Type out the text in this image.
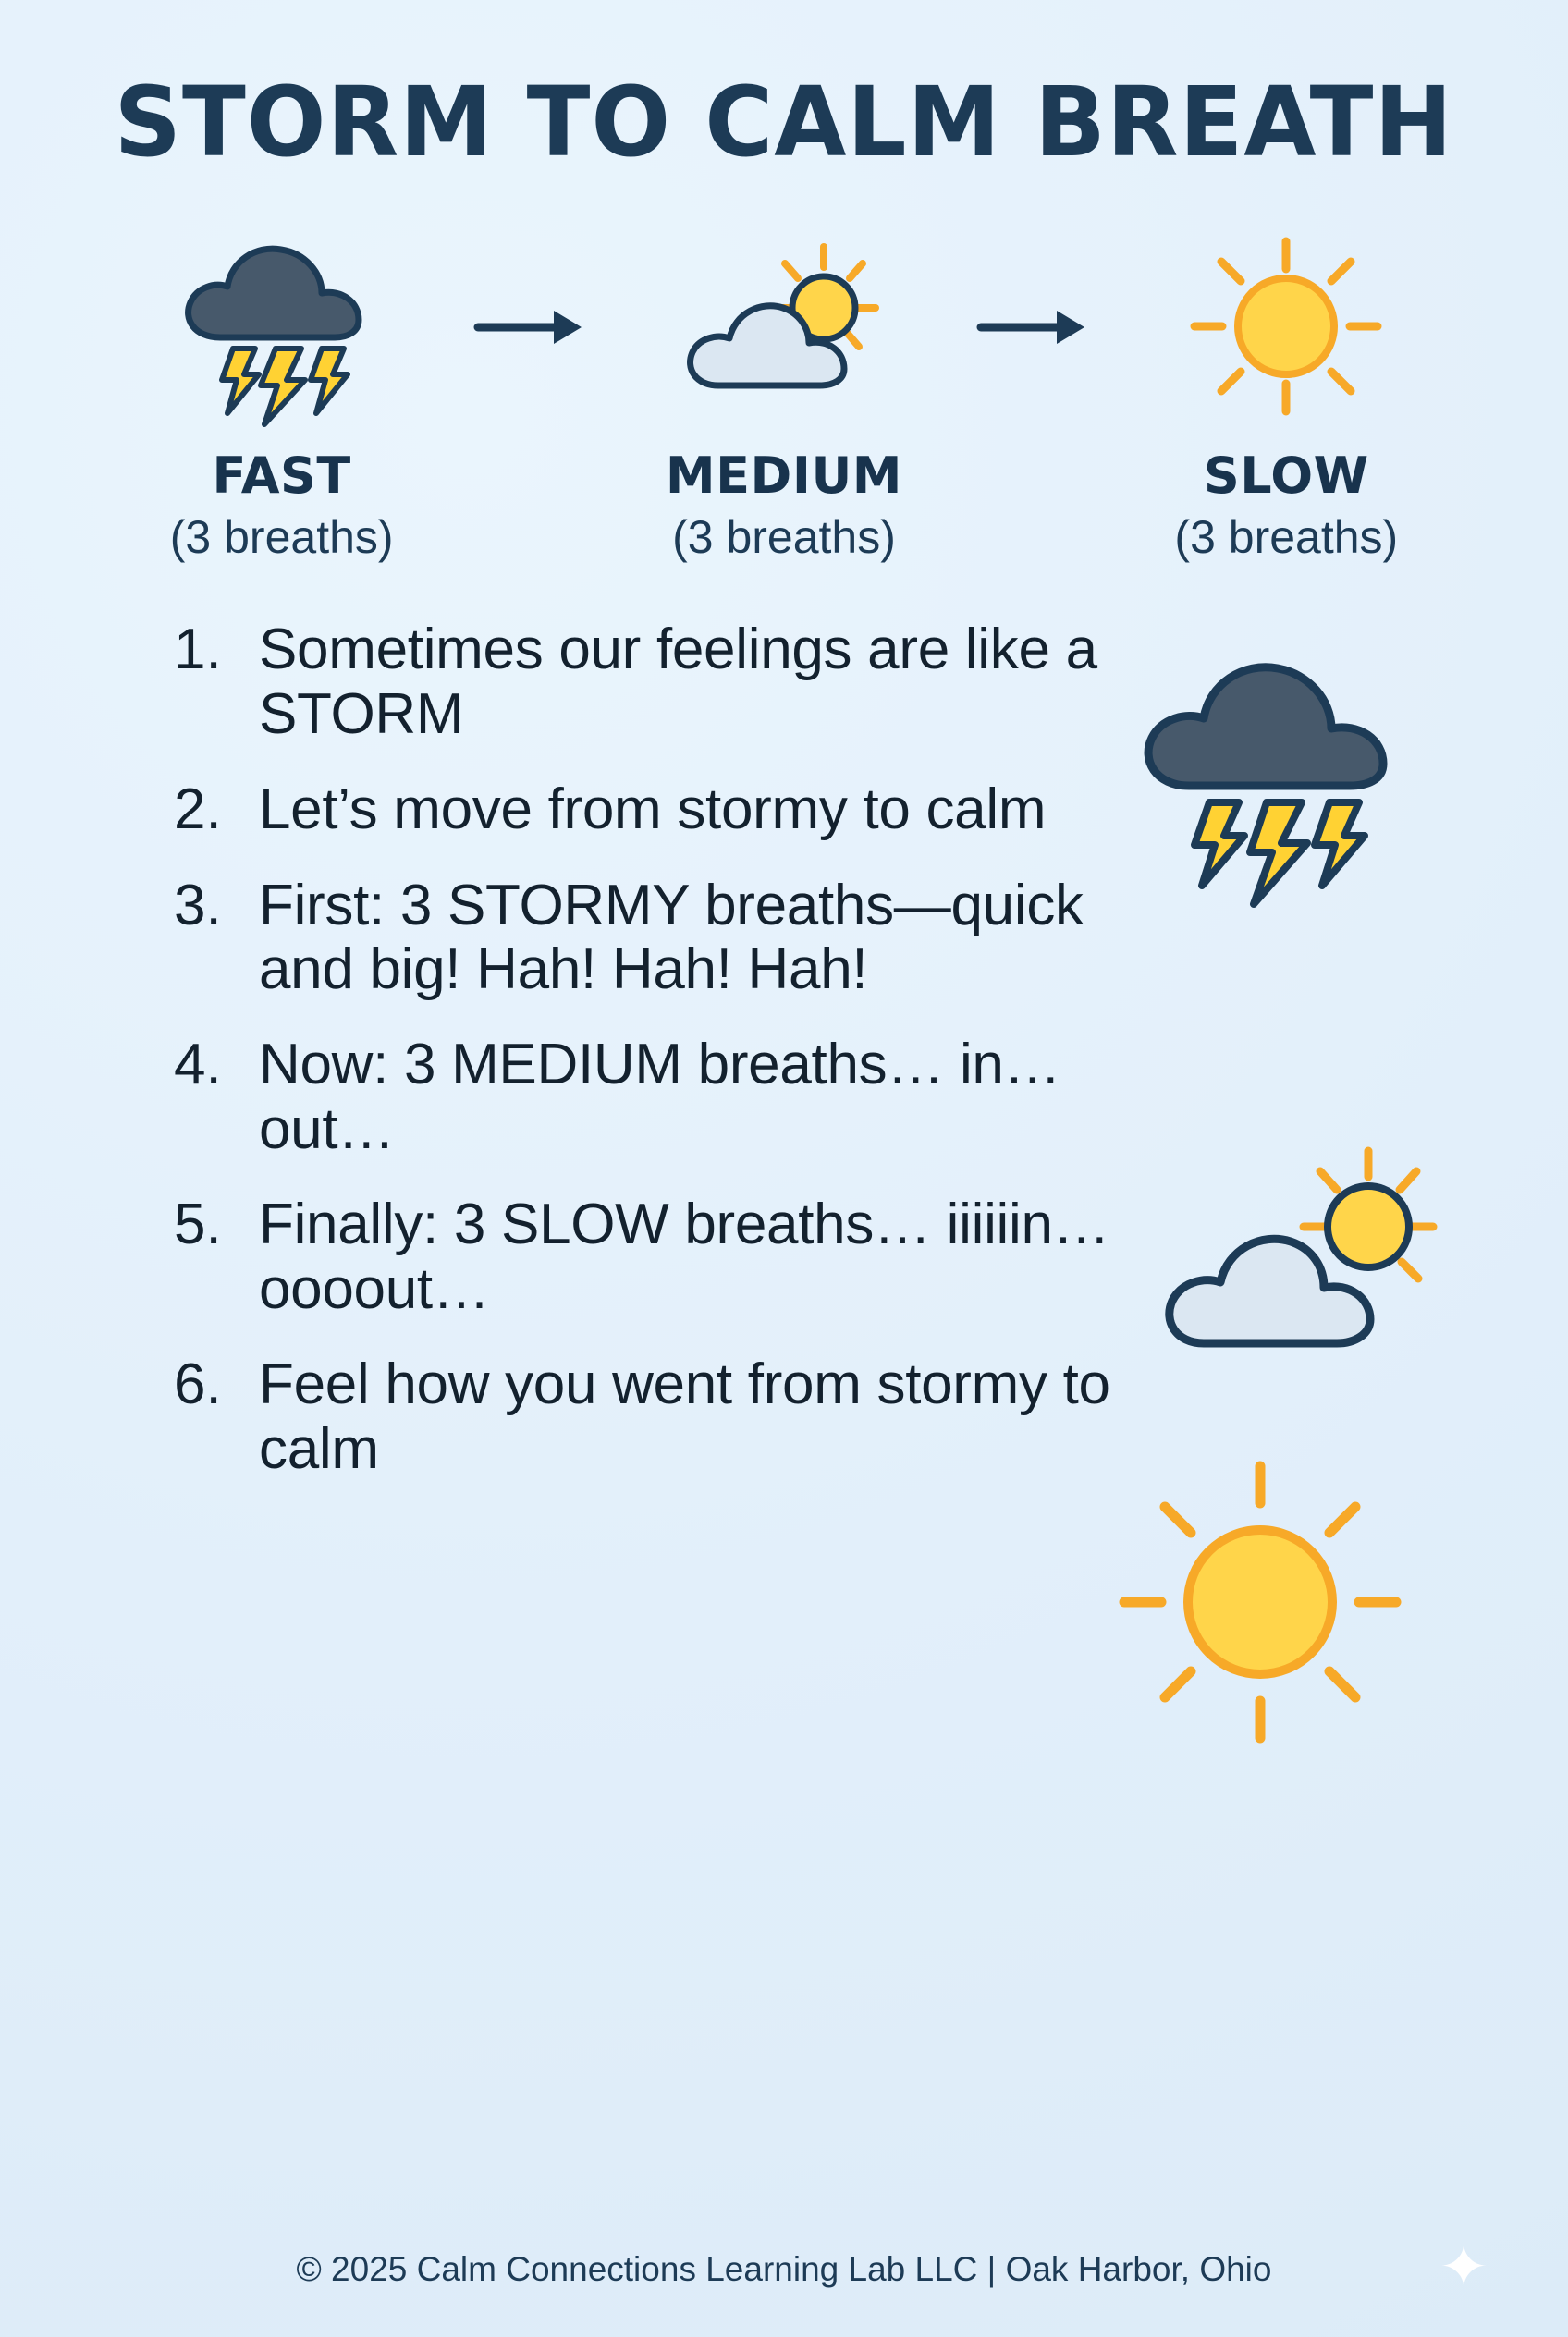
STORM TO CALM BREATH
FAST
(3 breaths)
MEDIUM
(3 breaths)
SLOW
(3 breaths)
1. Sometimes our feelings are like a STORM
2. Let’s move from stormy to calm
3. First: 3 STORMY breaths—quick and big! Hah! Hah! Hah!
4. Now: 3 MEDIUM breaths… in… out…
5. Finally: 3 SLOW breaths… iiiiiin… oooout…
6. Feel how you went from stormy to calm
© 2025 Calm Connections Learning Lab LLC | Oak Harbor, Ohio	✦
